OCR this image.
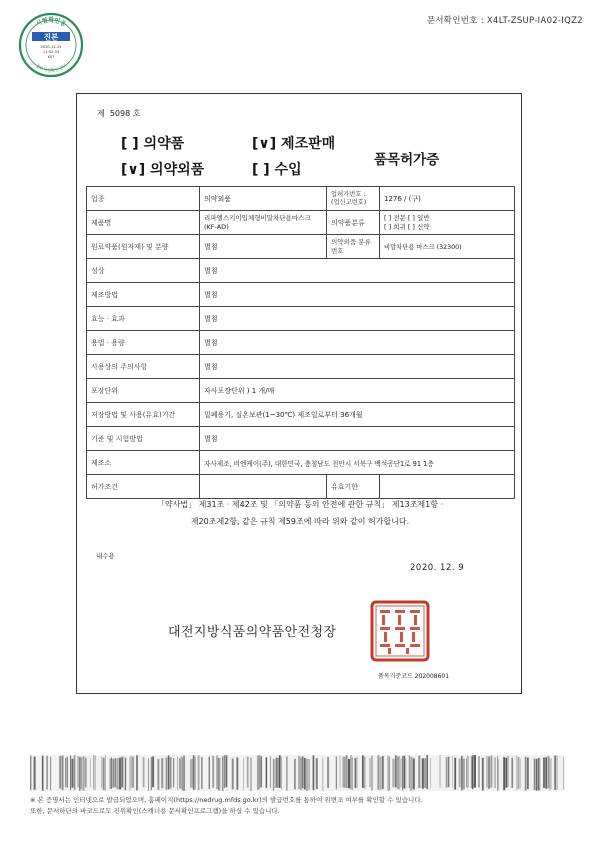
문서확인번호 : X4LT-ZSUP-IA02-IQZ2
시험확인용
정부시청확인센터
진본
2020-12-15
11:52:33
KST
제 5098 호
[ ] 의약품
[∨] 의약외품
[∨] 제조판매
[ ] 수입
품목허가증
업종	의약외품	업허가번호 : (업신고번호)	1276 / (구)
제품명	리파엘스키이입체형비말차단용마스크(KF-AD)	의약품분류	[ ] 전문 [ ] 일반
[ ] 희귀 [ ] 신약

원료약품(원자재) 및 분량	별첨	의약외품 분류번호	비말차단용 마스크 (32300)
성상	별첨		
제조방법	별첨		
효능 · 효과	별첨		
용법 · 용량	별첨		
사용상의 주의사항	별첨		
포장단위	자사포장단위 ) 1 개/매		
저장방법 및 사용(유효)기간	밀폐용기, 실온보관(1~30℃) 제조일로부터 36개월		
기준 및 시험방법	별첨		
제조소	자사제조, 비엔케이(주), 대한민국, 충청남도 천안시 서북구 백석공단1로 91 1층		
허가조건		유효기한	
「약사법」 제31조 · 제42조 및 「의약품 등의 안전에 관한 규칙」 제13조제1항 ·
제20조제2항, 같은 규칙 제59조에 따라 위와 같이 허가합니다.
내수용
2020. 12. 9
대전지방식품의약품안전청장
품목기준코드 202008601
※ 본 증명서는 인터넷으로 발급되었으며, 홈페이지(https://nedrug.mfds.go.kr)의 발급번호를 통하여 위변조 여부를 확인할 수 있습니다.
또한, 문서하단의 바코드로도 진위확인(스캐너용 문서확인프로그램)을 하실 수 있습니다.
